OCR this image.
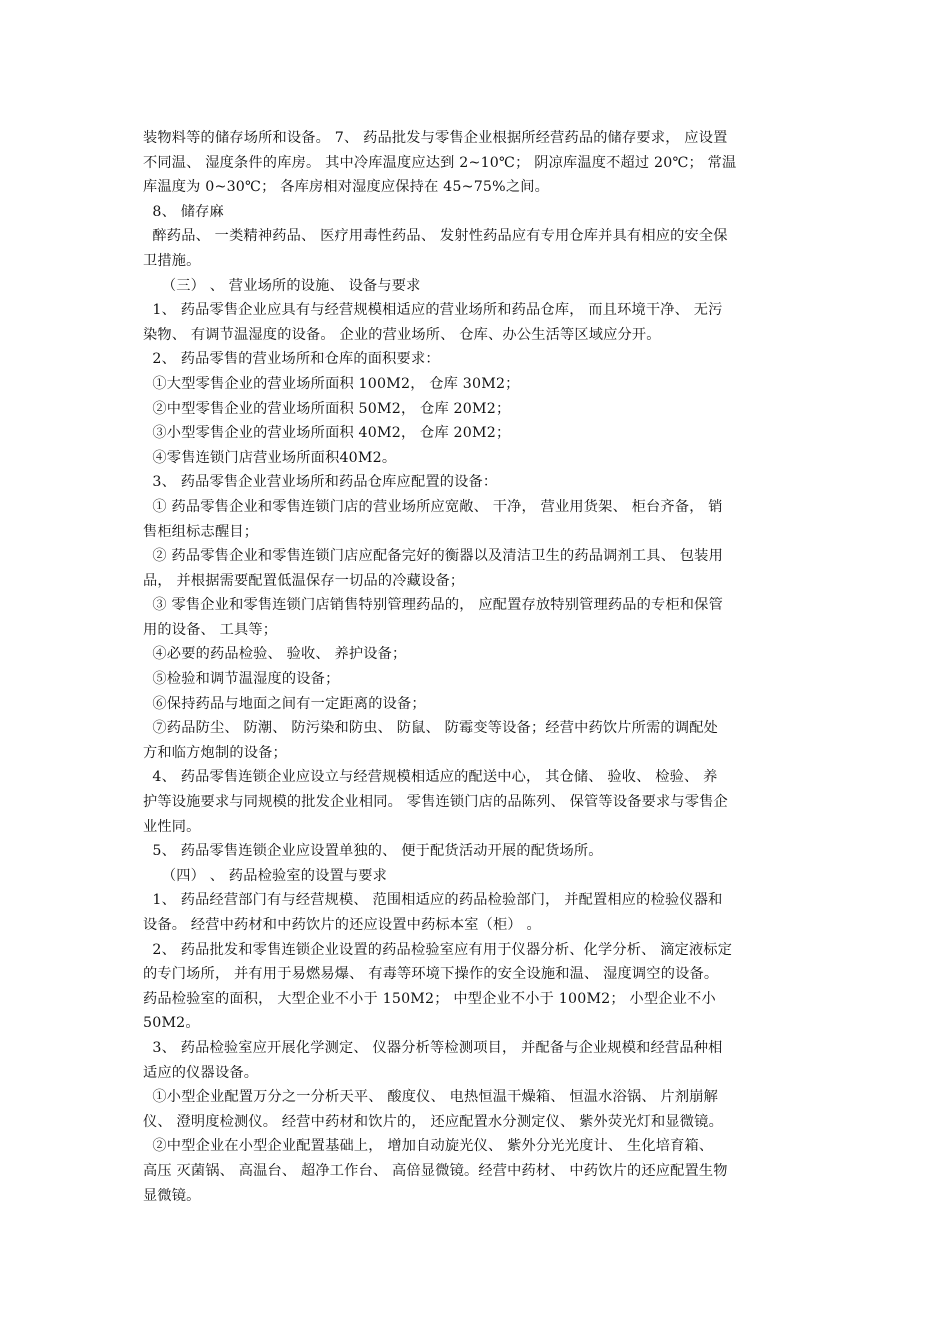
装物料等的储存场所和设备。 7、 药品批发与零售企业根据所经营药品的储存要求， 应设置
不同温、 湿度条件的库房。 其中冷库温度应达到 2~10℃； 阴凉库温度不超过 20℃； 常温
库温度为 0~30℃； 各库房相对湿度应保持在 45~75%之间。
8、 储存麻
醉药品、 一类精神药品、 医疗用毒性药品、 发射性药品应有专用仓库并具有相应的安全保
卫措施。
（三） 、 营业场所的设施、 设备与要求
1、 药品零售企业应具有与经营规模相适应的营业场所和药品仓库， 而且环境干净、 无污
染物、 有调节温湿度的设备。 企业的营业场所、 仓库、办公生活等区域应分开。
2、 药品零售的营业场所和仓库的面积要求：
①大型零售企业的营业场所面积 100M2， 仓库 30M2；
②中型零售企业的营业场所面积 50M2， 仓库 20M2；
③小型零售企业的营业场所面积 40M2， 仓库 20M2；
④零售连锁门店营业场所面积40M2。
3、 药品零售企业营业场所和药品仓库应配置的设备：
① 药品零售企业和零售连锁门店的营业场所应宽敞、 干净， 营业用货架、 柜台齐备， 销
售柜组标志醒目；
② 药品零售企业和零售连锁门店应配备完好的衡器以及清洁卫生的药品调剂工具、 包装用
品， 并根据需要配置低温保存一切品的冷藏设备；
③ 零售企业和零售连锁门店销售特别管理药品的， 应配置存放特别管理药品的专柜和保管
用的设备、 工具等；
④必要的药品检验、 验收、 养护设备；
⑤检验和调节温湿度的设备；
⑥保持药品与地面之间有一定距离的设备；
⑦药品防尘、 防潮、 防污染和防虫、 防鼠、 防霉变等设备；经营中药饮片所需的调配处
方和临方炮制的设备；
4、 药品零售连锁企业应设立与经营规模相适应的配送中心， 其仓储、 验收、 检验、 养
护等设施要求与同规模的批发企业相同。 零售连锁门店的品陈列、 保管等设备要求与零售企
业性同。
5、 药品零售连锁企业应设置单独的、 便于配货活动开展的配货场所。
（四） 、 药品检验室的设置与要求
1、 药品经营部门有与经营规模、 范围相适应的药品检验部门， 并配置相应的检验仪器和
设备。 经营中药材和中药饮片的还应设置中药标本室（柜） 。
2、 药品批发和零售连锁企业设置的药品检验室应有用于仪器分析、化学分析、 滴定液标定
的专门场所， 并有用于易燃易爆、 有毒等环境下操作的安全设施和温、 湿度调空的设备。
药品检验室的面积， 大型企业不小于 150M2； 中型企业不小于 100M2； 小型企业不小
50M2。
3、 药品检验室应开展化学测定、 仪器分析等检测项目， 并配备与企业规模和经营品种相
适应的仪器设备。
①小型企业配置万分之一分析天平、 酸度仪、 电热恒温干燥箱、 恒温水浴锅、 片剂崩解
仪、 澄明度检测仪。 经营中药材和饮片的， 还应配置水分测定仪、 紫外荧光灯和显微镜。
②中型企业在小型企业配置基础上， 增加自动旋光仪、 紫外分光光度计、 生化培育箱、
高压 灭菌锅、 高温台、 超净工作台、 高倍显微镜。经营中药材、 中药饮片的还应配置生物
显微镜。
